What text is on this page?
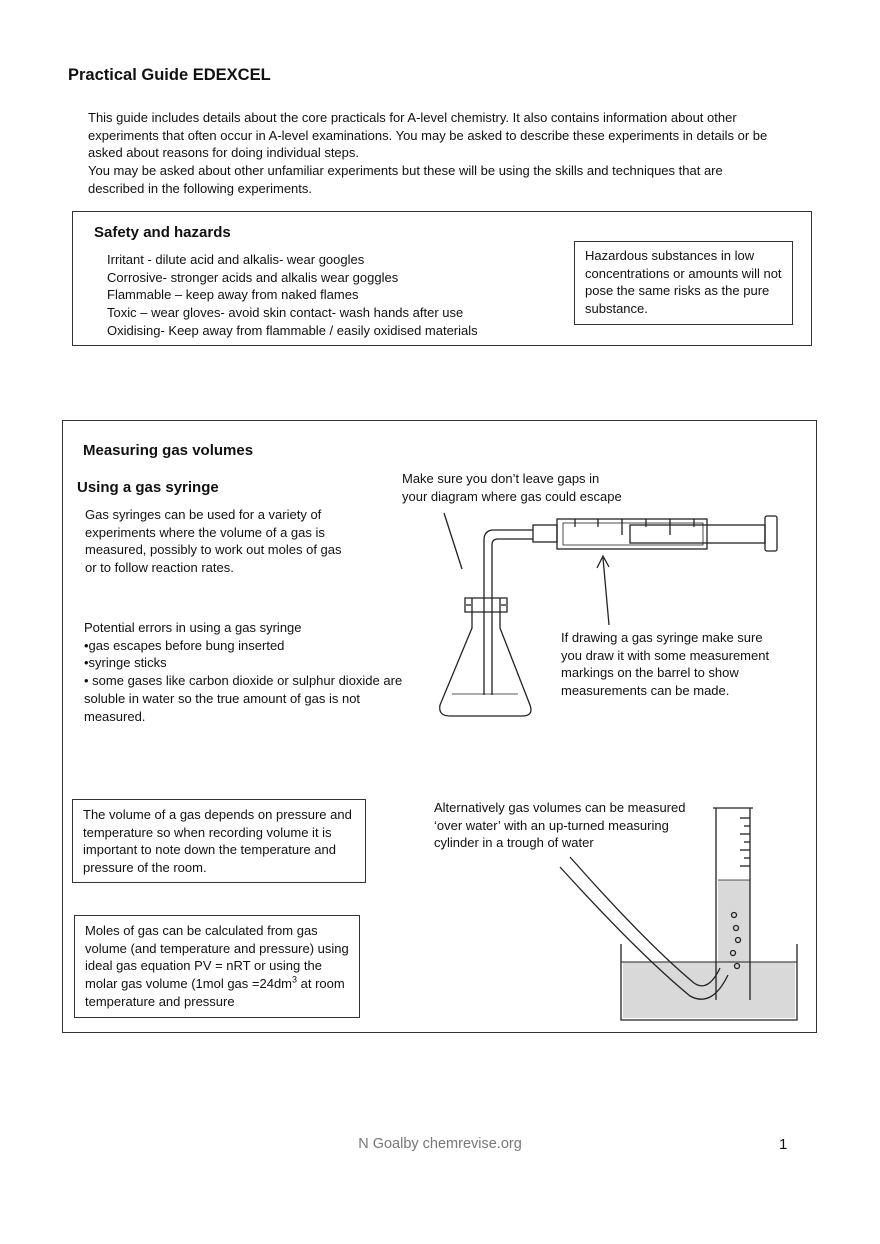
Practical Guide EDEXCEL

This guide includes details about the core practicals for A-level chemistry. It also contains information about other experiments that often occur in A-level examinations. You may be asked to describe these experiments in details or be asked about reasons for doing individual steps.

You may be asked about other unfamiliar experiments but these will be using the skills and techniques that are described in the following experiments.

Safety and hazards

Irritant - dilute acid and alkalis- wear googles

Corrosive- stronger acids and alkalis wear goggles

Flammable – keep away from naked flames

Toxic – wear gloves- avoid skin contact- wash hands after use

Oxidising- Keep away from flammable / easily oxidised materials

Hazardous substances in low concentrations or amounts will not pose the same risks as the pure substance.
Measuring gas volumes
Using a gas syringe
Gas syringes can be used for a variety of experiments where the volume of a gas is measured, possibly to work out moles of gas or to follow reaction rates.
Make sure you don’t leave gaps in your diagram where gas could escape

Potential errors in using a gas syringe

•gas escapes before bung inserted

•syringe sticks

• some gases like carbon dioxide or sulphur dioxide are soluble in water so the true amount of gas is not measured.

If drawing a gas syringe make sure you draw it with some measurement markings on the barrel to show measurements can be made.
The volume of a gas depends on pressure and temperature so when recording volume it is important to note down the temperature and pressure of the room.
Alternatively gas volumes can be measured ‘over water’ with an up-turned measuring cylinder in a trough of water
Moles of gas can be calculated from gas volume (and temperature and pressure) using ideal gas equation PV = nRT or using the molar gas volume (1mol gas $=24dm^3$ at room temperature and pressure
N Goalby chemrevise.org	1
